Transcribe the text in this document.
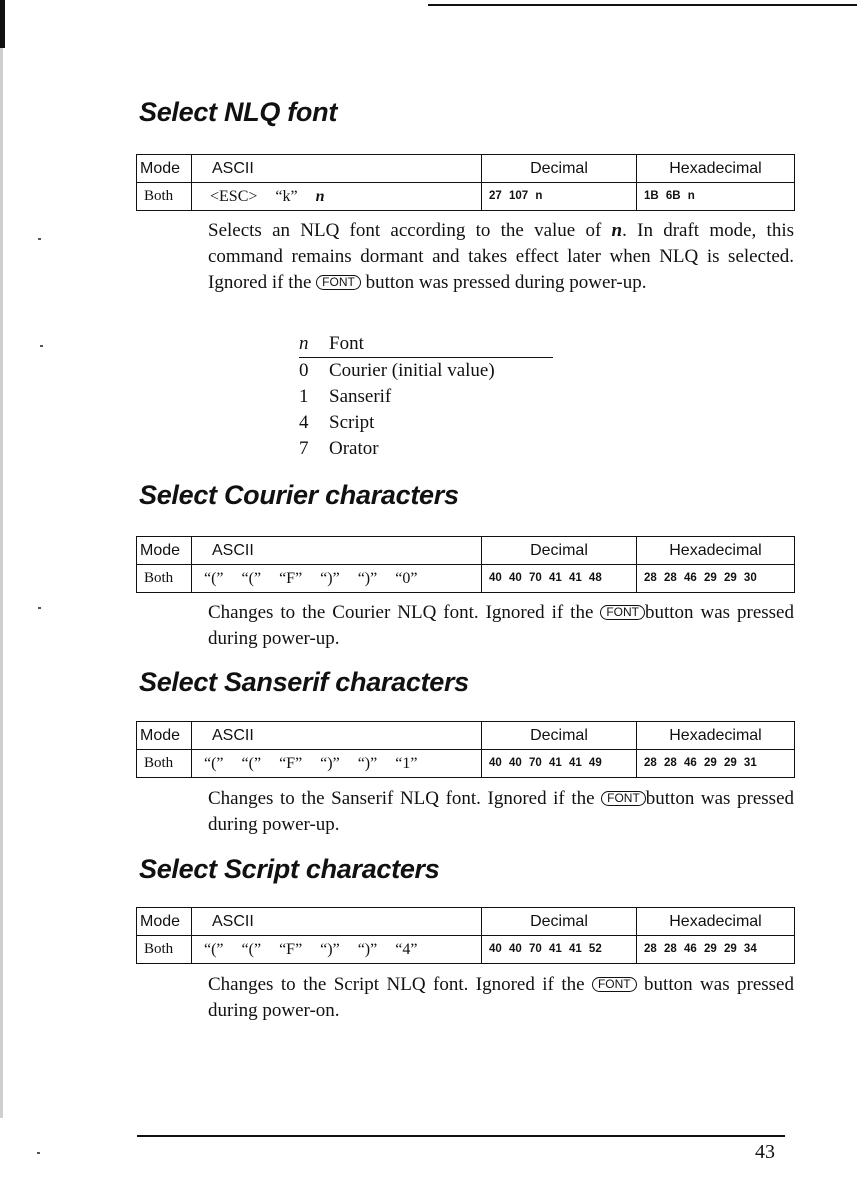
Select NLQ font
Mode	ASCII	Decimal	Hexadecimal
Both	<ESC> “k” n	27 107 n	1B 6B n

Selects an NLQ font according to the value of n. In draft mode, this command remains dormant and takes effect later when NLQ is selected. Ignored if the FONT button was pressed during power-up.

n Font
0 Courier (initial value)
1 Sanserif
4 Script
7 Orator
Select Courier characters
Mode	ASCII	Decimal	Hexadecimal
Both	“(” “(” “F” “)” “)” “0”	40 40 70 41 41 48	28 28 46 29 29 30

Changes to the Courier NLQ font. Ignored if the FONT button was pressed during power-up.

Select Sanserif characters
Mode	ASCII	Decimal	Hexadecimal
Both	“(” “(” “F” “)” “)” “1”	40 40 70 41 41 49	28 28 46 29 29 31

Changes to the Sanserif NLQ font. Ignored if the FONT button was pressed during power-up.

Select Script characters
Mode	ASCII	Decimal	Hexadecimal
Both	“(” “(” “F” “)” “)” “4”	40 40 70 41 41 52	28 28 46 29 29 34

Changes to the Script NLQ font. Ignored if the FONT button was pressed during power-on.

43
